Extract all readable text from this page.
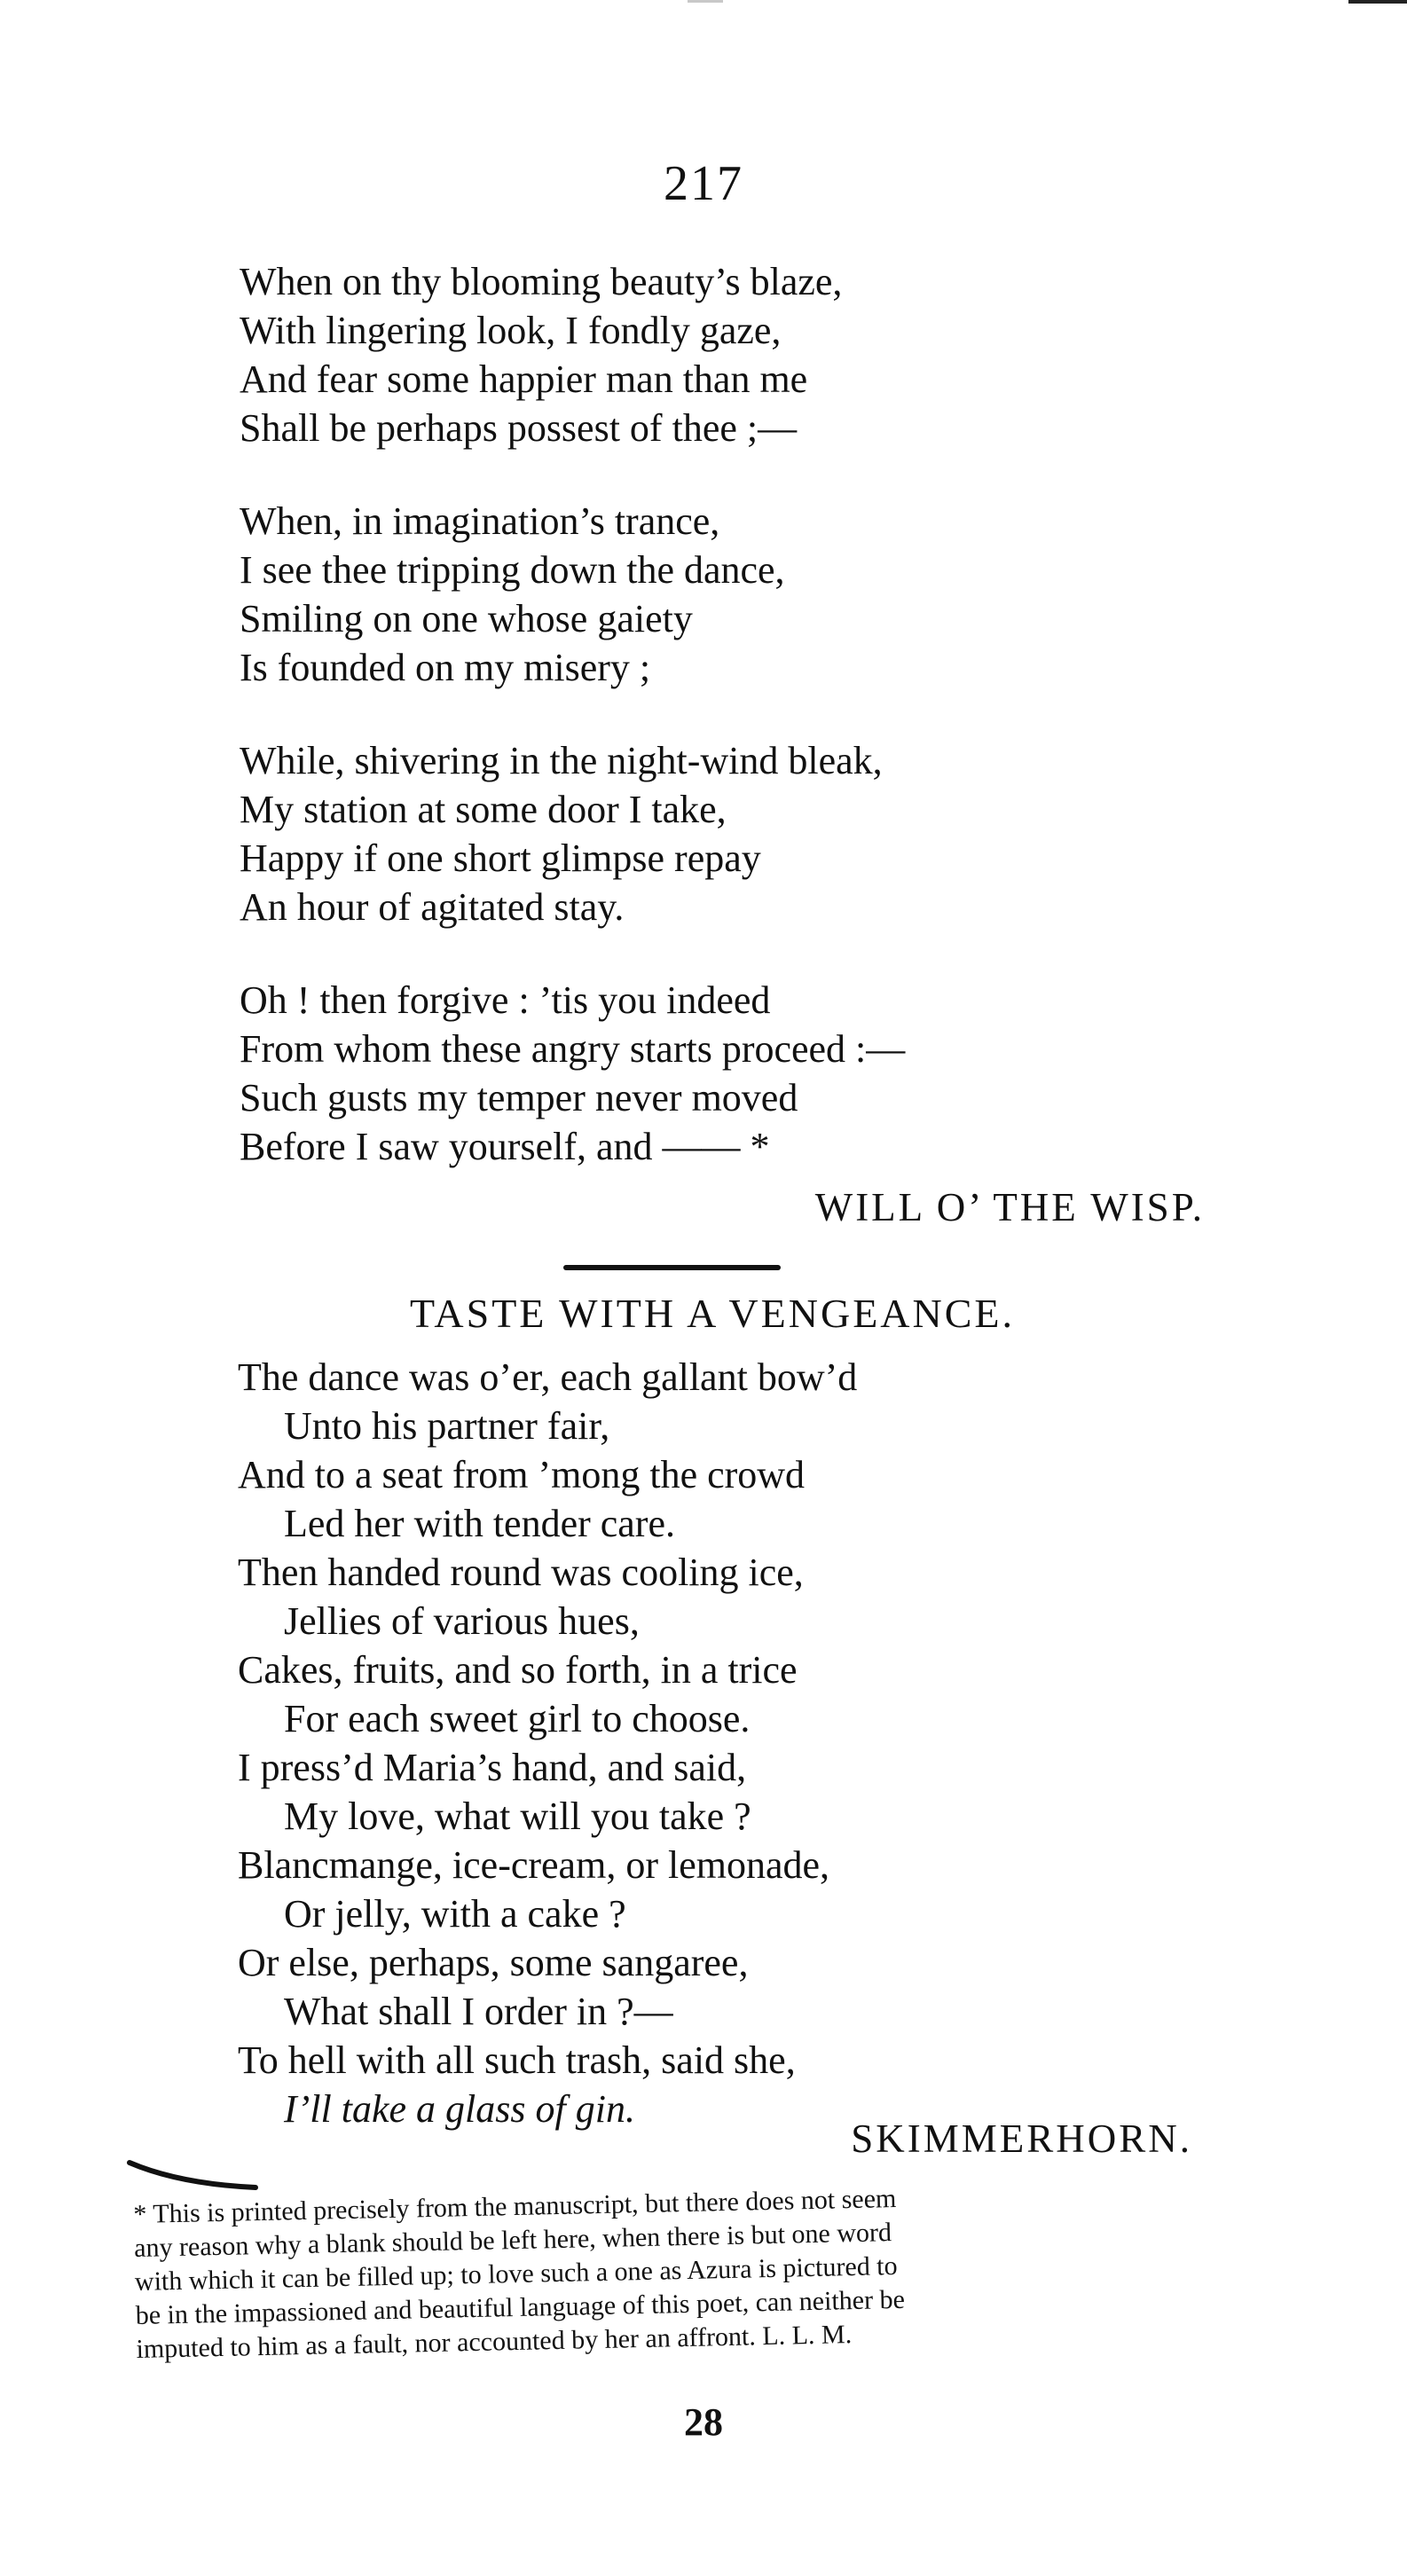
217
When on thy blooming beauty’s blaze,
With lingering look, I fondly gaze,
And fear some happier man than me
Shall be perhaps possest of thee ;—
When, in imagination’s trance,
I see thee tripping down the dance,
Smiling on one whose gaiety
Is founded on my misery ;
While, shivering in the night-wind bleak,
My station at some door I take,
Happy if one short glimpse repay
An hour of agitated stay.
Oh ! then forgive : ’tis you indeed
From whom these angry starts proceed :—
Such gusts my temper never moved
Before I saw yourself, and —— *
WILL O’ THE WISP.
TASTE WITH A VENGEANCE.
The dance was o’er, each gallant bow’d
Unto his partner fair,
And to a seat from ’mong the crowd
Led her with tender care.
Then handed round was cooling ice,
Jellies of various hues,
Cakes, fruits, and so forth, in a trice
For each sweet girl to choose.
I press’d Maria’s hand, and said,
My love, what will you take ?
Blancmange, ice-cream, or lemonade,
Or jelly, with a cake ?
Or else, perhaps, some sangaree,
What shall I order in ?—
To hell with all such trash, said she,
I’ll take a glass of gin.
SKIMMERHORN.
* This is printed precisely from the manuscript, but there does not seem
any reason why a blank should be left here, when there is but one word
with which it can be filled up; to love such a one as Azura is pictured to
be in the impassioned and beautiful language of this poet, can neither be
imputed to him as a fault, nor accounted by her an affront. L. L. M.
28
